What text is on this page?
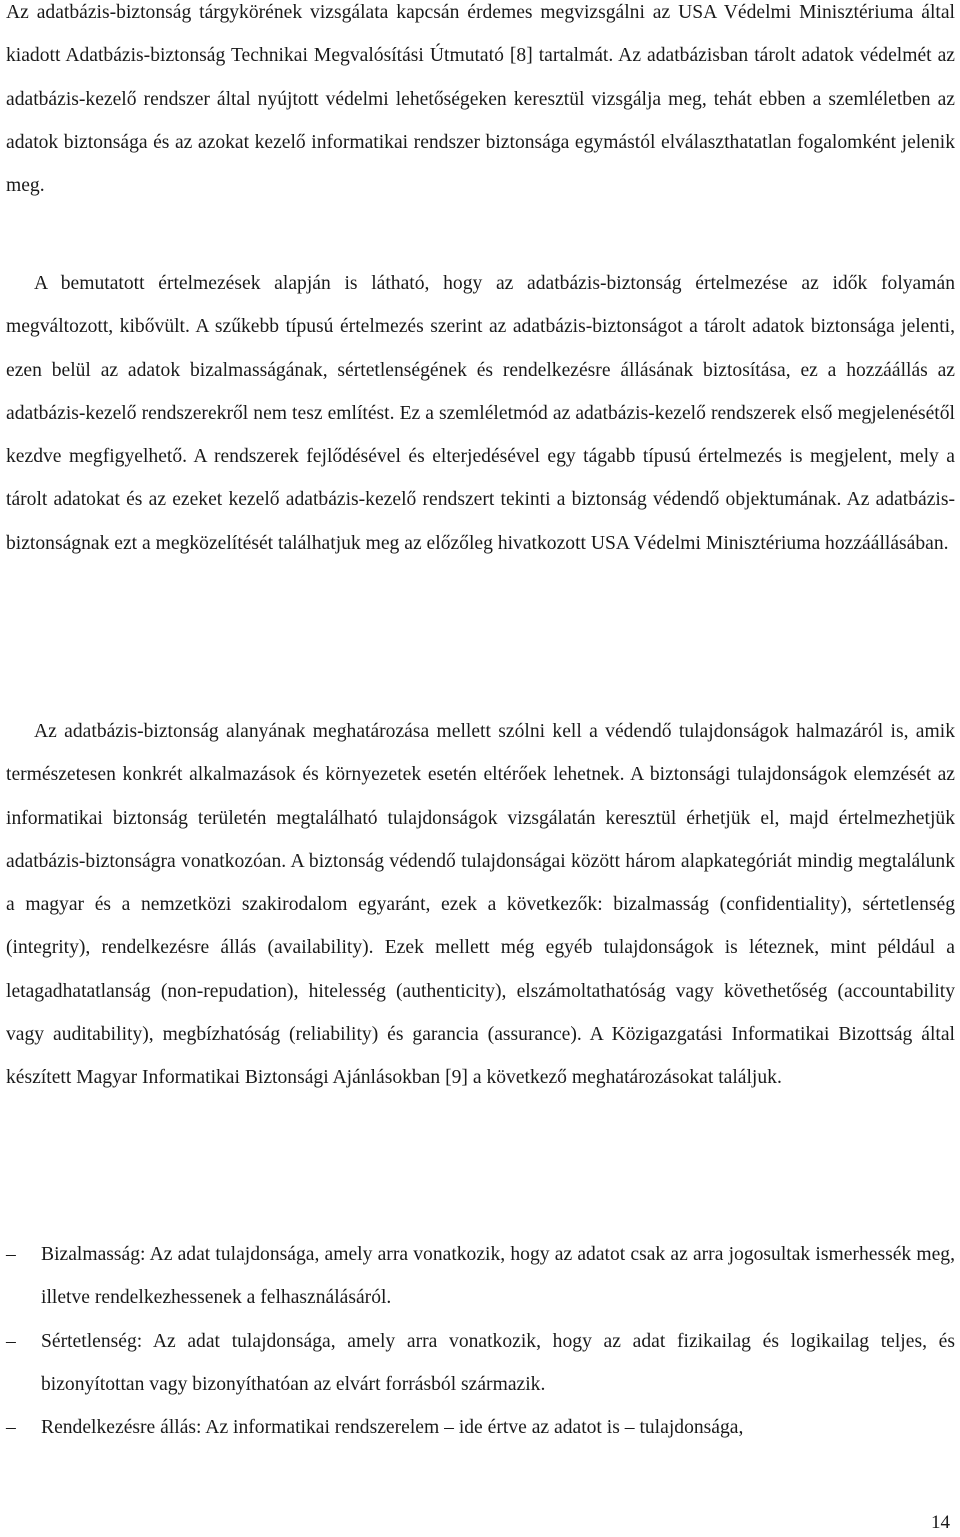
Az adatbázis-biztonság tárgykörének vizsgálata kapcsán érdemes megvizsgálni az USA Védelmi Minisztériuma által kiadott Adatbázis-biztonság Technikai Megvalósítási Útmutató [8] tartalmát. Az adatbázisban tárolt adatok védelmét az adatbázis-kezelő rendszer által nyújtott védelmi lehetőségeken keresztül vizsgálja meg, tehát ebben a szemléletben az adatok biztonsága és az azokat kezelő informatikai rendszer biztonsága egymástól elválaszthatatlan fogalomként jelenik meg.

A bemutatott értelmezések alapján is látható, hogy az adatbázis-biztonság értelmezése az idők folyamán megváltozott, kibővült. A szűkebb típusú értelmezés szerint az adatbázis-biztonságot a tárolt adatok biztonsága jelenti, ezen belül az adatok bizalmasságának, sértetlenségének és rendelkezésre állásának biztosítása, ez a hozzáállás az adatbázis-kezelő rendszerekről nem tesz említést. Ez a szemléletmód az adatbázis-kezelő rendszerek első megjelenésétől kezdve megfigyelhető. A rendszerek fejlődésével és elterjedésével egy tágabb típusú értelmezés is megjelent, mely a tárolt adatokat és az ezeket kezelő adatbázis-kezelő rendszert tekinti a biztonság védendő objektumának. Az adatbázis-biztonságnak ezt a megközelítését találhatjuk meg az előzőleg hivatkozott USA Védelmi Minisztériuma hozzáállásában.

Az adatbázis-biztonság alanyának meghatározása mellett szólni kell a védendő tulajdonságok halmazáról is, amik természetesen konkrét alkalmazások és környezetek esetén eltérőek lehetnek. A biztonsági tulajdonságok elemzését az informatikai biztonság területén megtalálható tulajdonságok vizsgálatán keresztül érhetjük el, majd értelmezhetjük adatbázis-biztonságra vonatkozóan. A biztonság védendő tulajdonságai között három alapkategóriát mindig megtalálunk a magyar és a nemzetközi szakirodalom egyaránt, ezek a következők: bizalmasság (confidentiality), sértetlenség (integrity), rendelkezésre állás (availability). Ezek mellett még egyéb tulajdonságok is léteznek, mint például a letagadhatatlanság (non-repudation), hitelesség (authenticity), elszámoltathatóság vagy követhetőség (accountability vagy auditability), megbízhatóság (reliability) és garancia (assurance). A Közigazgatási Informatikai Bizottság által készített Magyar Informatikai Biztonsági Ajánlásokban [9] a következő meghatározásokat találjuk.

– Bizalmasság: Az adat tulajdonsága, amely arra vonatkozik, hogy az adatot csak az arra jogosultak ismerhessék meg, illetve rendelkezhessenek a felhasználásáról.
– Sértetlenség: Az adat tulajdonsága, amely arra vonatkozik, hogy az adat fizikailag és logikailag teljes, és bizonyítottan vagy bizonyíthatóan az elvárt forrásból származik.
– Rendelkezésre állás: Az informatikai rendszerelem – ide értve az adatot is – tulajdonsága,
14
